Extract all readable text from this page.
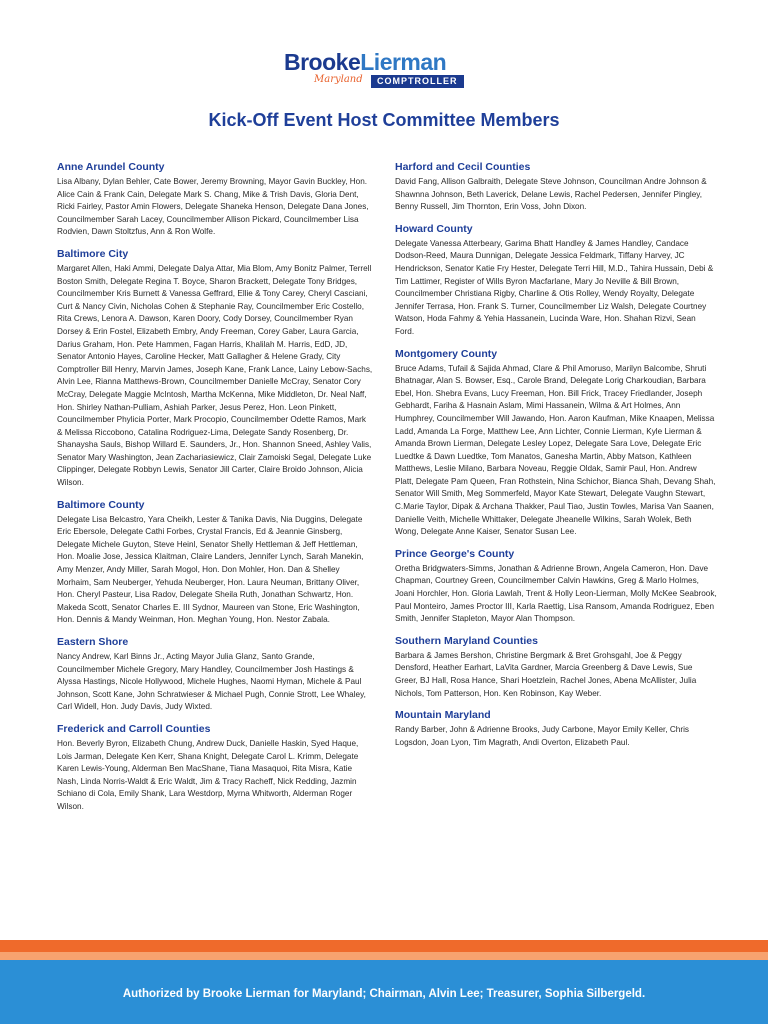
BrookeLierman
Maryland	COMPTROLLER
Kick-Off Event Host Committee Members
Anne Arundel County

Lisa Albany, Dylan Behler, Cate Bower, Jeremy Browning, Mayor Gavin Buckley, Hon. Alice Cain & Frank Cain, Delegate Mark S. Chang, Mike & Trish Davis, Gloria Dent, Ricki Fairley, Pastor Amin Flowers, Delegate Shaneka Henson, Delegate Dana Jones, Councilmember Sarah Lacey, Councilmember Allison Pickard, Councilmember Lisa Rodvien, Dawn Stoltzfus, Ann & Ron Wolfe.

Baltimore City

Margaret Allen, Haki Ammi, Delegate Dalya Attar, Mia Blom, Amy Bonitz Palmer, Terrell Boston Smith, Delegate Regina T. Boyce, Sharon Brackett, Delegate Tony Bridges, Councilmember Kris Burnett & Vanessa Geffrard, Ellie & Tony Carey, Cheryl Casciani, Curt & Nancy Civin, Nicholas Cohen & Stephanie Ray, Councilmember Eric Costello, Rita Crews, Lenora A. Dawson, Karen Doory, Cody Dorsey, Councilmember Ryan Dorsey & Erin Fostel, Elizabeth Embry, Andy Freeman, Corey Gaber, Laura Garcia, Darius Graham, Hon. Pete Hammen, Fagan Harris, Khalilah M. Harris, EdD, JD, Senator Antonio Hayes, Caroline Hecker, Matt Gallagher & Helene Grady, City Comptroller Bill Henry, Marvin James, Joseph Kane, Frank Lance, Lainy Lebow-Sachs, Alvin Lee, Rianna Matthews-Brown, Councilmember Danielle McCray, Senator Cory McCray, Delegate Maggie McIntosh, Martha McKenna, Mike Middleton, Dr. Neal Naff, Hon. Shirley Nathan-Pulliam, Ashiah Parker, Jesus Perez, Hon. Leon Pinkett, Councilmember Phylicia Porter, Mark Procopio, Councilmember Odette Ramos, Mark & Melissa Riccobono, Catalina Rodriguez-Lima, Delegate Sandy Rosenberg, Dr. Shanaysha Sauls, Bishop Willard E. Saunders, Jr., Hon. Shannon Sneed, Ashley Valis, Senator Mary Washington, Jean Zachariasiewicz, Clair Zamoiski Segal, Delegate Luke Clippinger, Delegate Robbyn Lewis, Senator Jill Carter, Claire Broido Johnson, Alicia Wilson.

Baltimore County

Delegate Lisa Belcastro, Yara Cheikh, Lester & Tanika Davis, Nia Duggins, Delegate Eric Ebersole, Delegate Cathi Forbes, Crystal Francis, Ed & Jeannie Ginsberg, Delegate Michele Guyton, Steve Heinl, Senator Shelly Hettleman & Jeff Hettleman, Hon. Moalie Jose, Jessica Klaitman, Claire Landers, Jennifer Lynch, Sarah Manekin, Amy Menzer, Andy Miller, Sarah Mogol, Hon. Don Mohler, Hon. Dan & Shelley Morhaim, Sam Neuberger, Yehuda Neuberger, Hon. Laura Neuman, Brittany Oliver, Hon. Cheryl Pasteur, Lisa Radov, Delegate Sheila Ruth, Jonathan Schwartz, Hon. Makeda Scott, Senator Charles E. III Sydnor, Maureen van Stone, Eric Washington, Hon. Dennis & Mandy Weinman, Hon. Meghan Young, Hon. Nestor Zabala.

Eastern Shore

Nancy Andrew, Karl Binns Jr., Acting Mayor Julia Glanz, Santo Grande, Councilmember Michele Gregory, Mary Handley, Councilmember Josh Hastings & Alyssa Hastings, Nicole Hollywood, Michele Hughes, Naomi Hyman, Michele & Paul Johnson, Scott Kane, John Schratwieser & Michael Pugh, Connie Strott, Lee Whaley, Carl Widell, Hon. Judy Davis, Judy Wixted.

Frederick and Carroll Counties

Hon. Beverly Byron, Elizabeth Chung, Andrew Duck, Danielle Haskin, Syed Haque, Lois Jarman, Delegate Ken Kerr, Shana Knight, Delegate Carol L. Krimm, Delegate Karen Lewis-Young, Alderman Ben MacShane, Tiana Masaquoi, Rita Misra, Katie Nash, Linda Norris-Waldt & Eric Waldt, Jim & Tracy Racheff, Nick Redding, Jazmin Schiano di Cola, Emily Shank, Lara Westdorp, Myrna Whitworth, Alderman Roger Wilson.

Harford and Cecil Counties

David Fang, Allison Galbraith, Delegate Steve Johnson, Councilman Andre Johnson & Shawnna Johnson, Beth Laverick, Delane Lewis, Rachel Pedersen, Jennifer Pingley, Benny Russell, Jim Thornton, Erin Voss, John Dixon.

Howard County

Delegate Vanessa Atterbeary, Garima Bhatt Handley & James Handley, Candace Dodson-Reed, Maura Dunnigan, Delegate Jessica Feldmark, Tiffany Harvey, JC Hendrickson, Senator Katie Fry Hester, Delegate Terri Hill, M.D., Tahira Hussain, Debi & Tim Lattimer, Register of Wills Byron Macfarlane, Mary Jo Neville & Bill Brown, Councilmember Christiana Rigby, Charline & Otis Rolley, Wendy Royalty, Delegate Jennifer Terrasa, Hon. Frank S. Turner, Councilmember Liz Walsh, Delegate Courtney Watson, Hoda Fahmy & Yehia Hassanein, Lucinda Ware, Hon. Shahan Rizvi, Sean Ford.

Montgomery County

Bruce Adams, Tufail & Sajida Ahmad, Clare & Phil Amoruso, Marilyn Balcombe, Shruti Bhatnagar, Alan S. Bowser, Esq., Carole Brand, Delegate Lorig Charkoudian, Barbara Ebel, Hon. Shebra Evans, Lucy Freeman, Hon. Bill Frick, Tracey Friedlander, Joseph Gebhardt, Fariha & Hasnain Aslam, Mimi Hassanein, Wilma & Art Holmes, Ann Humphrey, Councilmember Will Jawando, Hon. Aaron Kaufman, Mike Knaapen, Melissa Ladd, Amanda La Forge, Matthew Lee, Ann Lichter, Connie Lierman, Kyle Lierman & Amanda Brown Lierman, Delegate Lesley Lopez, Delegate Sara Love, Delegate Eric Luedtke & Dawn Luedtke, Tom Manatos, Ganesha Martin, Abby Matson, Kathleen Matthews, Leslie Milano, Barbara Noveau, Reggie Oldak, Samir Paul, Hon. Andrew Platt, Delegate Pam Queen, Fran Rothstein, Nina Schichor, Bianca Shah, Devang Shah, Senator Will Smith, Meg Sommerfeld, Mayor Kate Stewart, Delegate Vaughn Stewart, C.Marie Taylor, Dipak & Archana Thakker, Paul Tiao, Justin Towles, Marisa Van Saanen, Danielle Veith, Michelle Whittaker, Delegate Jheanelle Wilkins, Sarah Wolek, Beth Wong, Delegate Anne Kaiser, Senator Susan Lee.

Prince George's County

Oretha Bridgwaters-Simms, Jonathan & Adrienne Brown, Angela Cameron, Hon. Dave Chapman, Courtney Green, Councilmember Calvin Hawkins, Greg & Marlo Holmes, Joani Horchler, Hon. Gloria Lawlah, Trent & Holly Leon-Lierman, Molly McKee Seabrook, Paul Monteiro, James Proctor III, Karla Raettig, Lisa Ransom, Amanda Rodriguez, Eben Smith, Jennifer Stapleton, Mayor Alan Thompson.

Southern Maryland Counties

Barbara & James Bershon, Christine Bergmark & Bret Grohsgahl, Joe & Peggy Densford, Heather Earhart, LaVita Gardner, Marcia Greenberg & Dave Lewis, Sue Greer, BJ Hall, Rosa Hance, Shari Hoetzlein, Rachel Jones, Abena McAllister, Julia Nichols, Tom Patterson, Hon. Ken Robinson, Kay Weber.

Mountain Maryland

Randy Barber, John & Adrienne Brooks, Judy Carbone, Mayor Emily Keller, Chris Logsdon, Joan Lyon, Tim Magrath, Andi Overton, Elizabeth Paul.

Authorized by Brooke Lierman for Maryland; Chairman, Alvin Lee; Treasurer, Sophia Silbergeld.
